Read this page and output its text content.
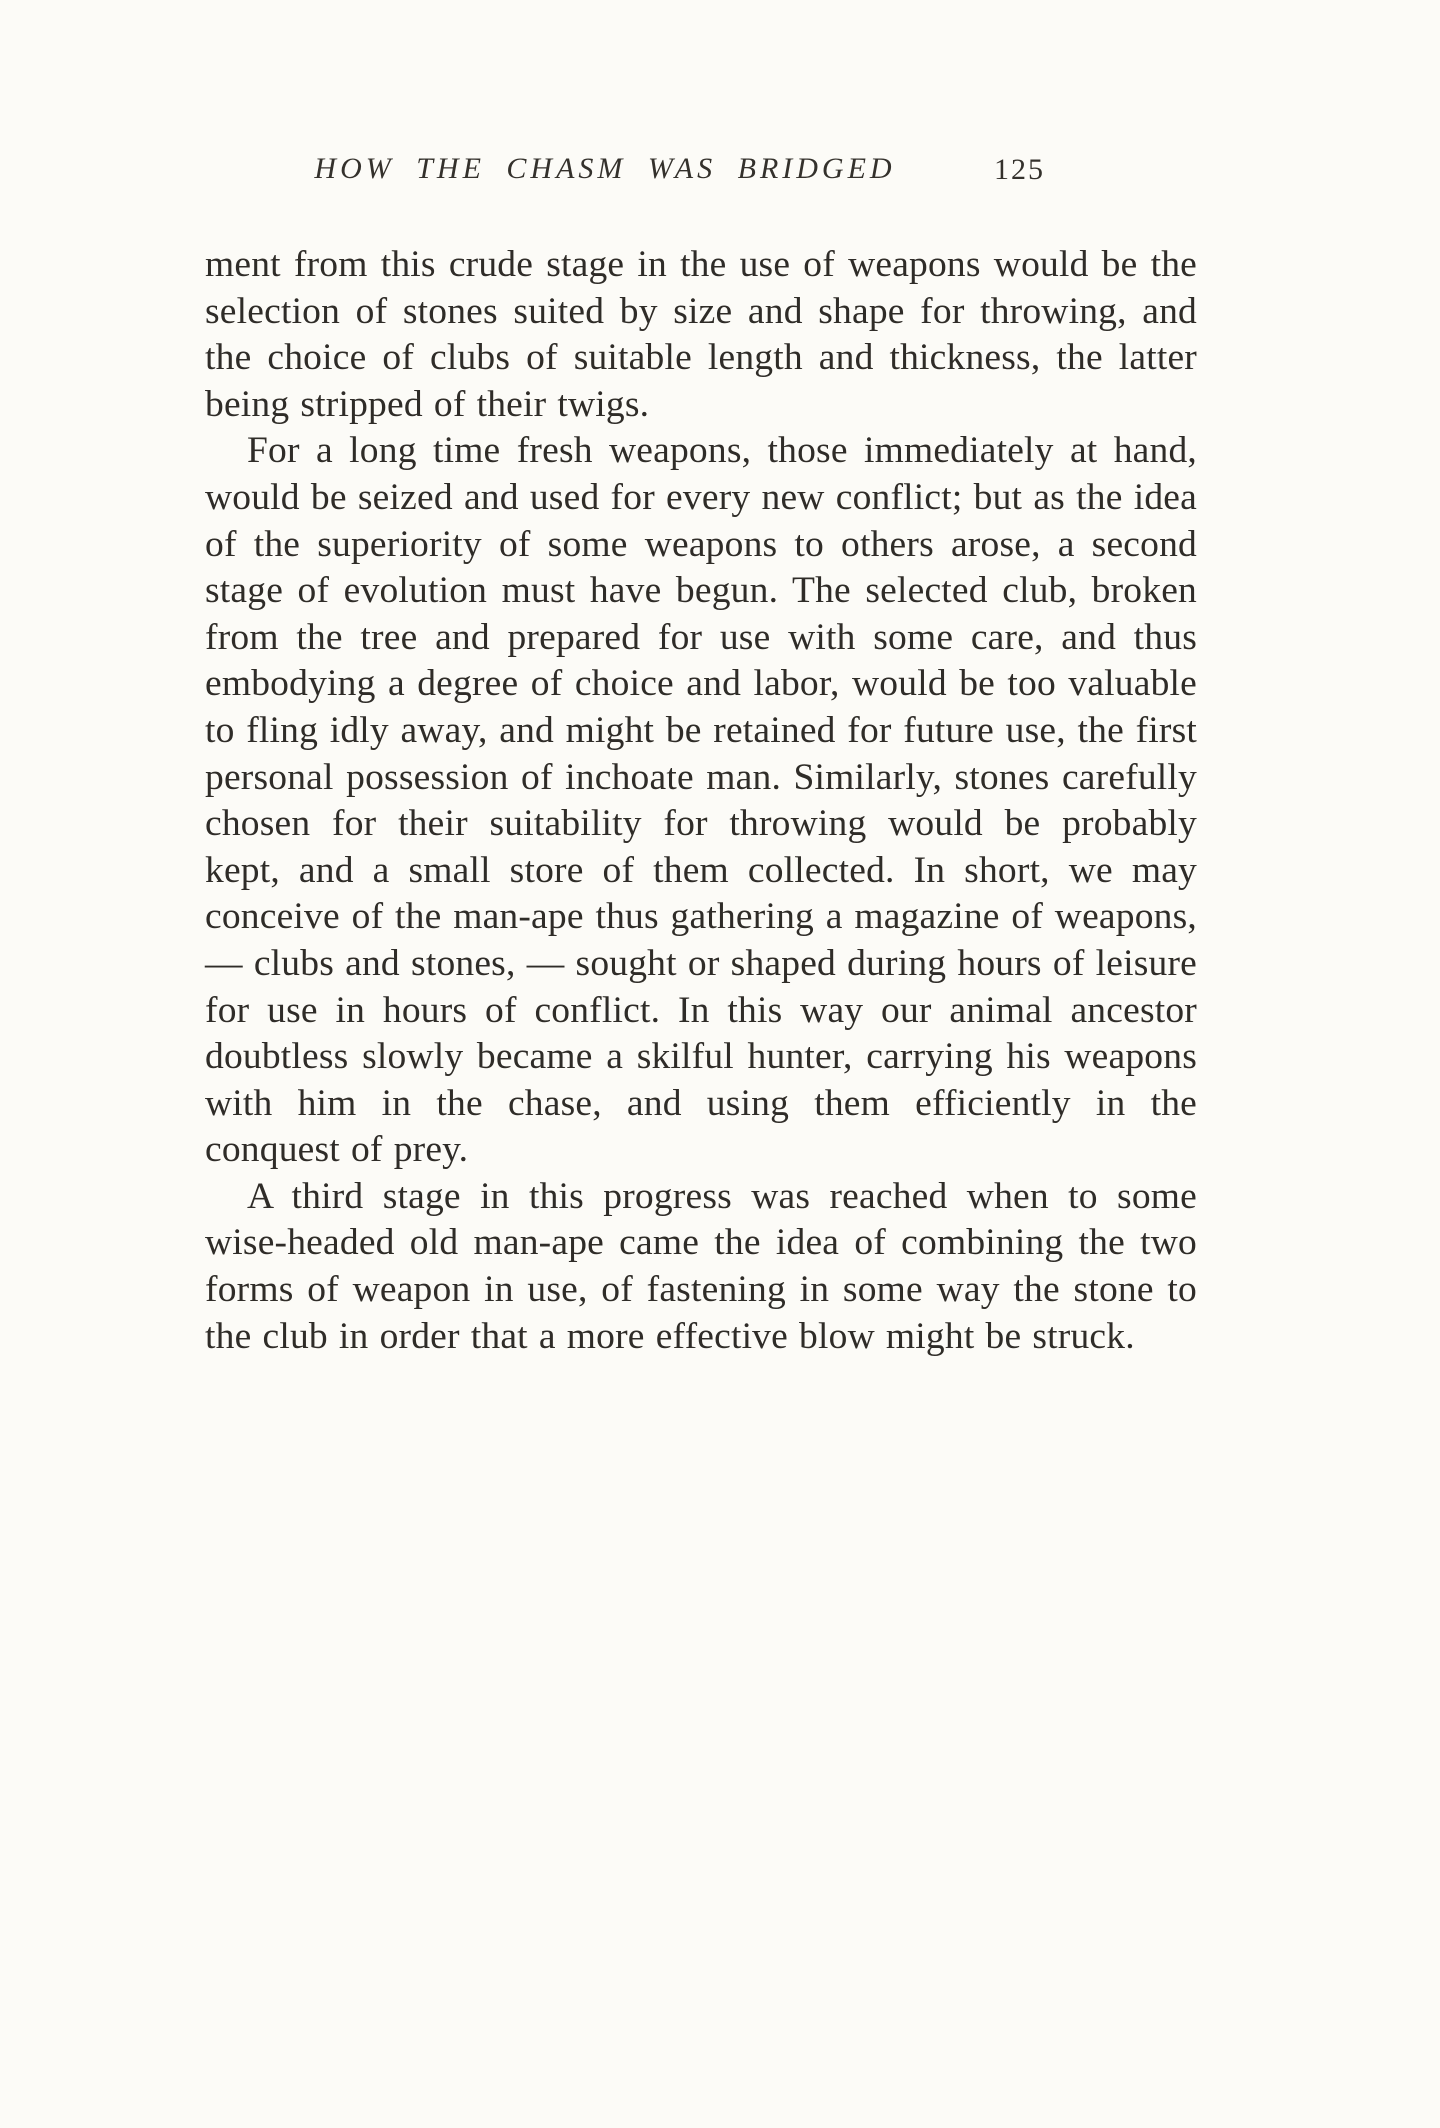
HOW THE CHASM WAS BRIDGED	125

ment from this crude stage in the use of weapons would be the selection of stones suited by size and shape for throwing, and the choice of clubs of suitable length and thickness, the latter being stripped of their twigs.

For a long time fresh weapons, those immediately at hand, would be seized and used for every new conflict; but as the idea of the superiority of some weapons to others arose, a second stage of evolution must have begun. The selected club, broken from the tree and prepared for use with some care, and thus embodying a degree of choice and labor, would be too valuable to fling idly away, and might be retained for future use, the first personal possession of inchoate man. Similarly, stones carefully chosen for their suitability for throwing would be probably kept, and a small store of them collected. In short, we may conceive of the man-ape thus gathering a magazine of weapons, — clubs and stones, — sought or shaped during hours of leisure for use in hours of conflict. In this way our animal ancestor doubtless slowly became a skilful hunter, carrying his weapons with him in the chase, and using them efficiently in the conquest of prey.

A third stage in this progress was reached when to some wise-headed old man-ape came the idea of combining the two forms of weapon in use, of fastening in some way the stone to the club in order that a more effective blow might be struck.
